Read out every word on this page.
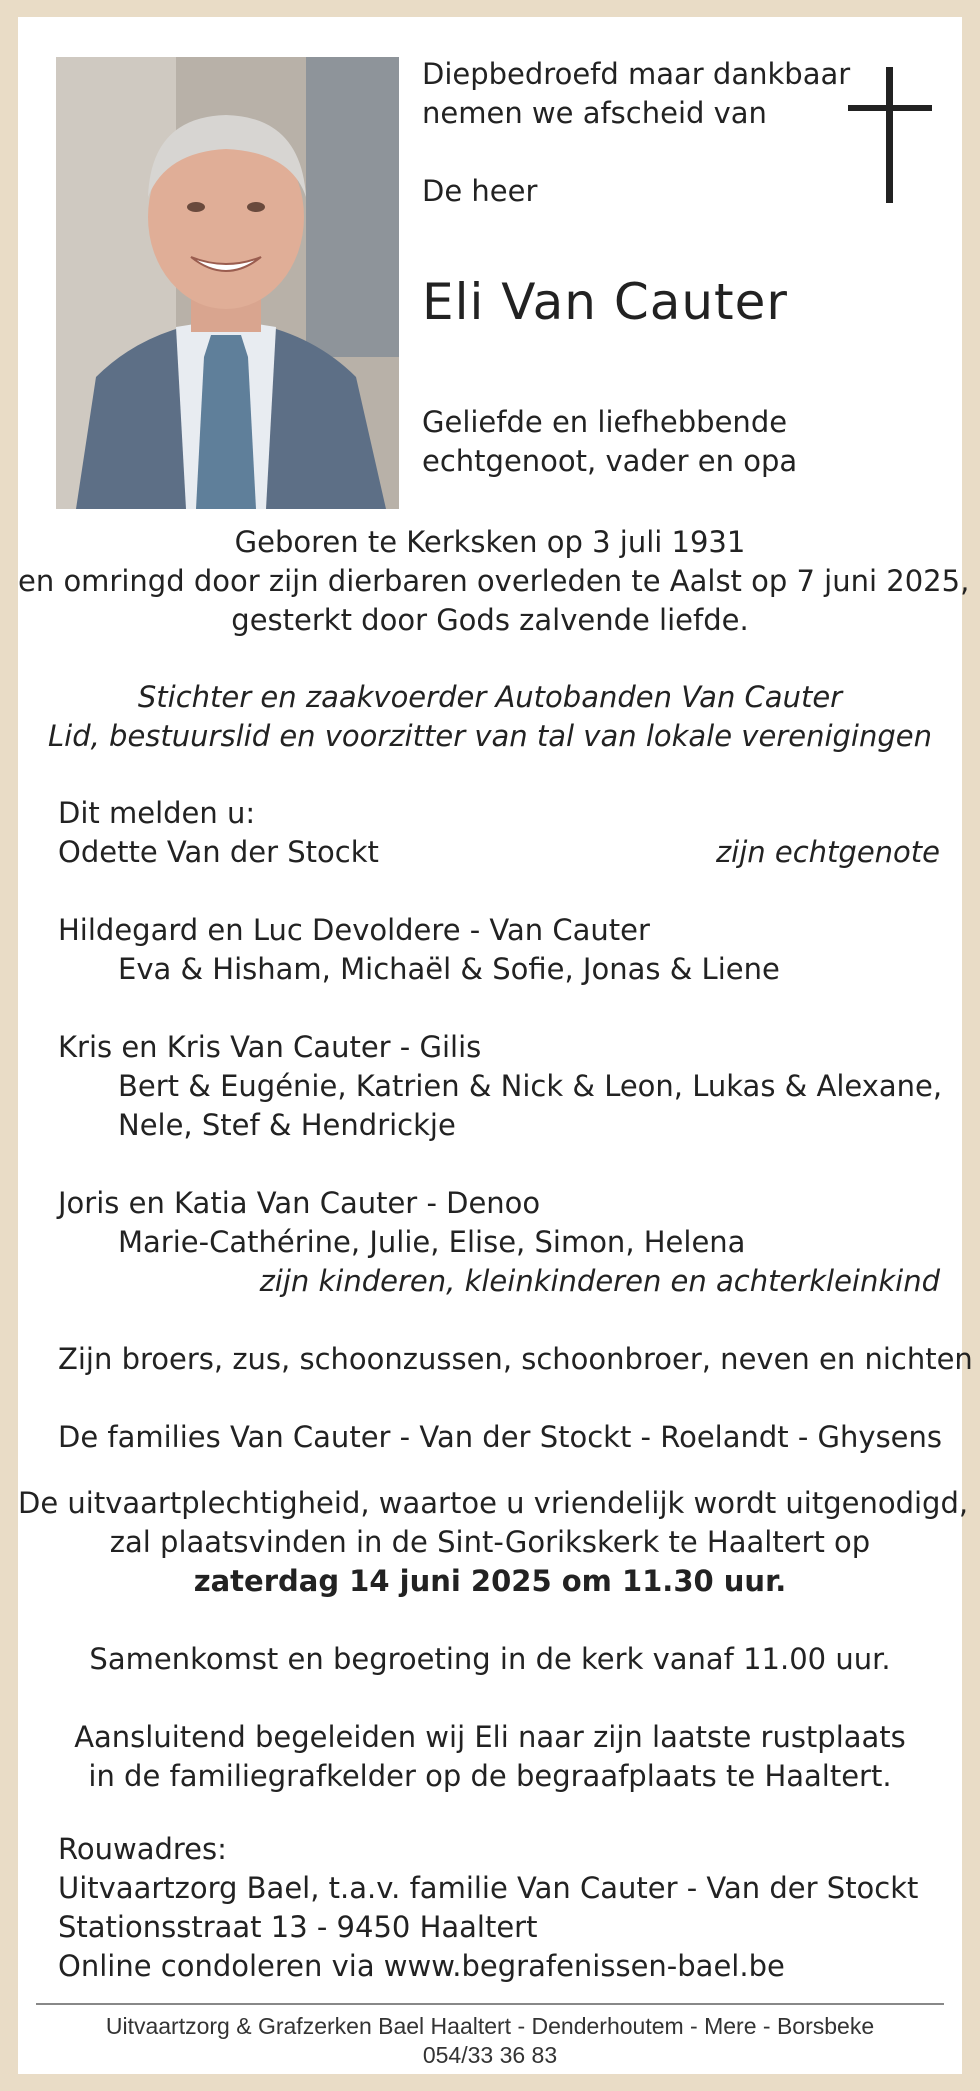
Diepbedroefd maar dankbaar
nemen we afscheid van
De heer
Eli Van Cauter
Geliefde en liefhebbende
echtgenoot, vader en opa
Geboren te Kerksken op 3 juli 1931
en omringd door zijn dierbaren overleden te Aalst op 7 juni 2025,
gesterkt door Gods zalvende liefde.
Stichter en zaakvoerder Autobanden Van Cauter
Lid, bestuurslid en voorzitter van tal van lokale verenigingen
Dit melden u:
Odette Van der Stockt	zijn echtgenote
Hildegard en Luc Devoldere - Van Cauter
Eva & Hisham, Michaël & Sofie, Jonas & Liene
Kris en Kris Van Cauter - Gilis
Bert & Eugénie, Katrien & Nick & Leon, Lukas & Alexane,
Nele, Stef & Hendrickje
Joris en Katia Van Cauter - Denoo
Marie-Cathérine, Julie, Elise, Simon, Helena
zijn kinderen, kleinkinderen en achterkleinkind
Zijn broers, zus, schoonzussen, schoonbroer, neven en nichten
De families Van Cauter - Van der Stockt - Roelandt - Ghysens
De uitvaartplechtigheid, waartoe u vriendelijk wordt uitgenodigd,
zal plaatsvinden in de Sint-Gorikskerk te Haaltert op
zaterdag 14 juni 2025 om 11.30 uur.
Samenkomst en begroeting in de kerk vanaf 11.00 uur.
Aansluitend begeleiden wij Eli naar zijn laatste rustplaats
in de familiegrafkelder op de begraafplaats te Haaltert.
Rouwadres:
Uitvaartzorg Bael, t.a.v. familie Van Cauter - Van der Stockt
Stationsstraat 13 - 9450 Haaltert
Online condoleren via www.begrafenissen-bael.be
Uitvaartzorg & Grafzerken Bael Haaltert - Denderhoutem - Mere - Borsbeke
054/33 36 83
